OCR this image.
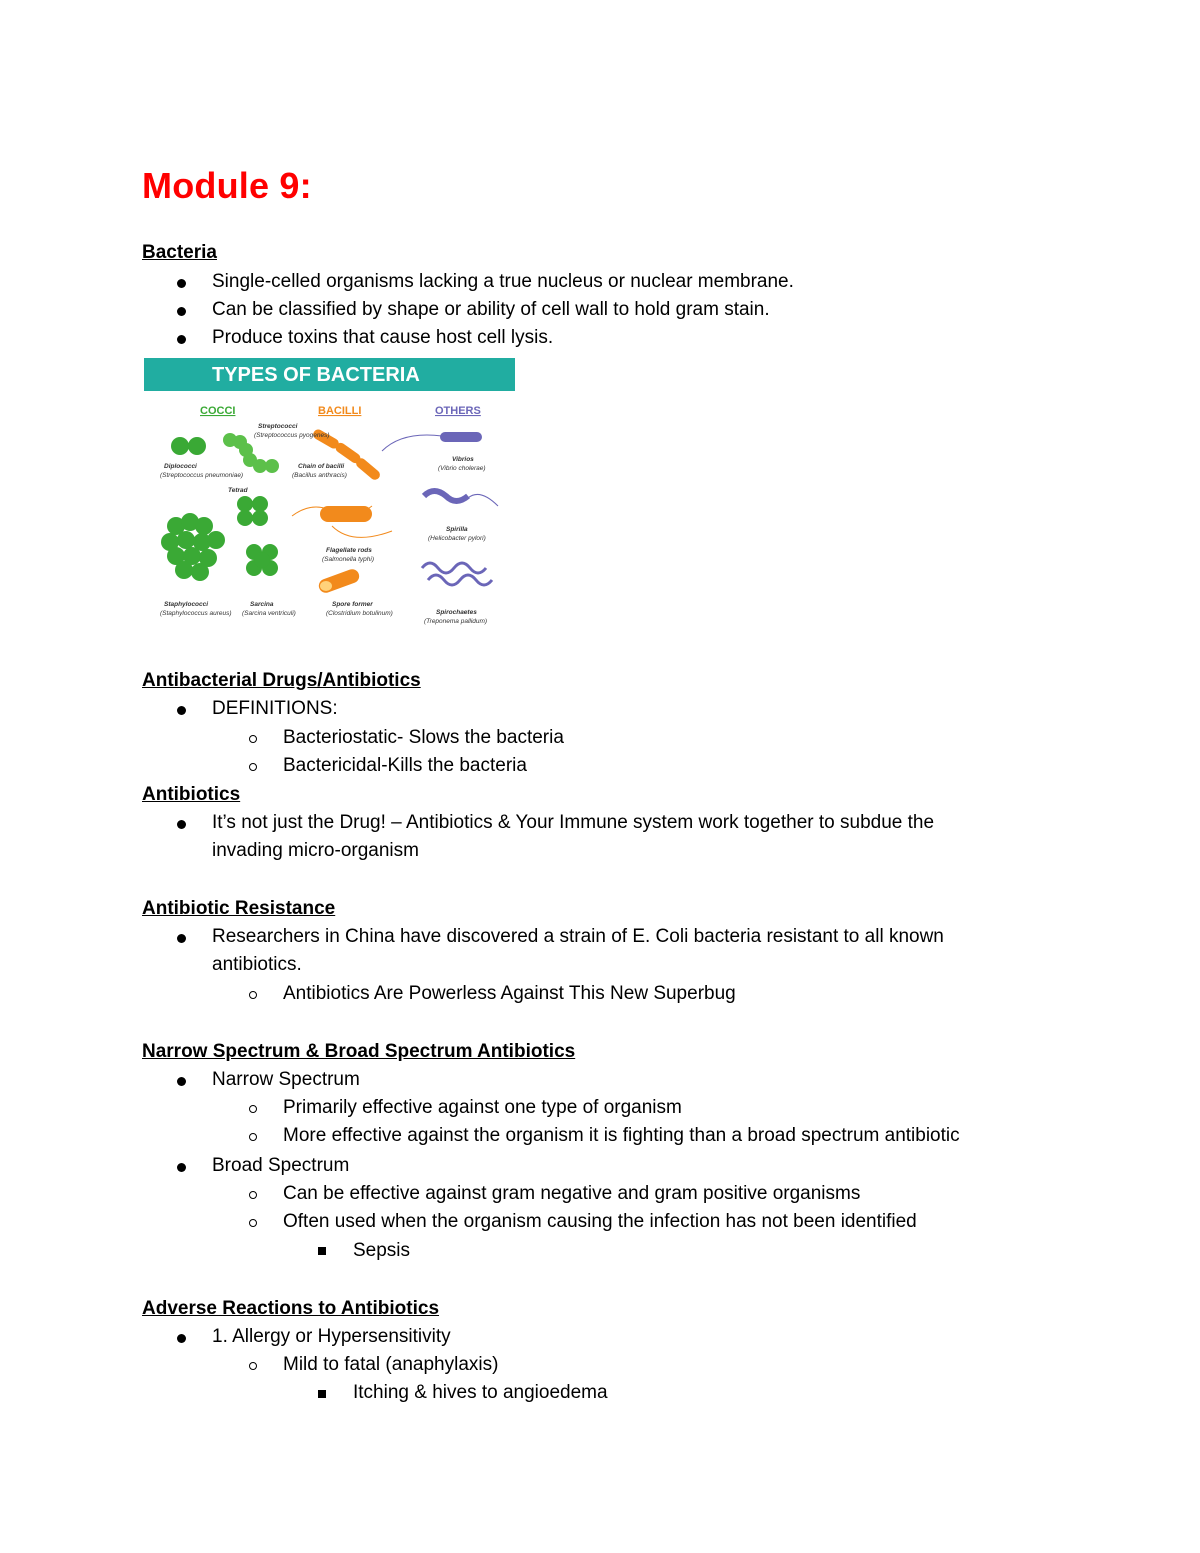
Module 9:
Bacteria
Single-celled organisms lacking a true nucleus or nuclear membrane.
Can be classified by shape or ability of cell wall to hold gram stain.
Produce toxins that cause host cell lysis.
TYPES OF BACTERIA
COCCI	BACILLI	OTHERS
Diplococci
(Streptococcus pneumoniae)
Streptococci
(Streptococcus pyogenes)
Tetrad
Staphylococci
(Staphylococcus aureus)
Sarcina
(Sarcina ventriculi)
Chain of bacilli
(Bacillus anthracis)
Flagellate rods
(Salmonella typhi)
Spore former
(Clostridium botulinum)
Vibrios
(Vibrio cholerae)
Spirilla
(Helicobacter pylori)
Spirochaetes
(Treponema pallidum)
Antibacterial Drugs/Antibiotics
DEFINITIONS:
Bacteriostatic- Slows the bacteria
Bactericidal-Kills the bacteria
Antibiotics
It’s not just the Drug! – Antibiotics & Your Immune system work together to subdue the
invading micro-organism
Antibiotic Resistance
Researchers in China have discovered a strain of E. Coli bacteria resistant to all known
antibiotics.
Antibiotics Are Powerless Against This New Superbug
Narrow Spectrum & Broad Spectrum Antibiotics
Narrow Spectrum
Primarily effective against one type of organism
More effective against the organism it is fighting than a broad spectrum antibiotic
Broad Spectrum
Can be effective against gram negative and gram positive organisms
Often used when the organism causing the infection has not been identified
Sepsis
Adverse Reactions to Antibiotics
1. Allergy or Hypersensitivity
Mild to fatal (anaphylaxis)
Itching & hives to angioedema
